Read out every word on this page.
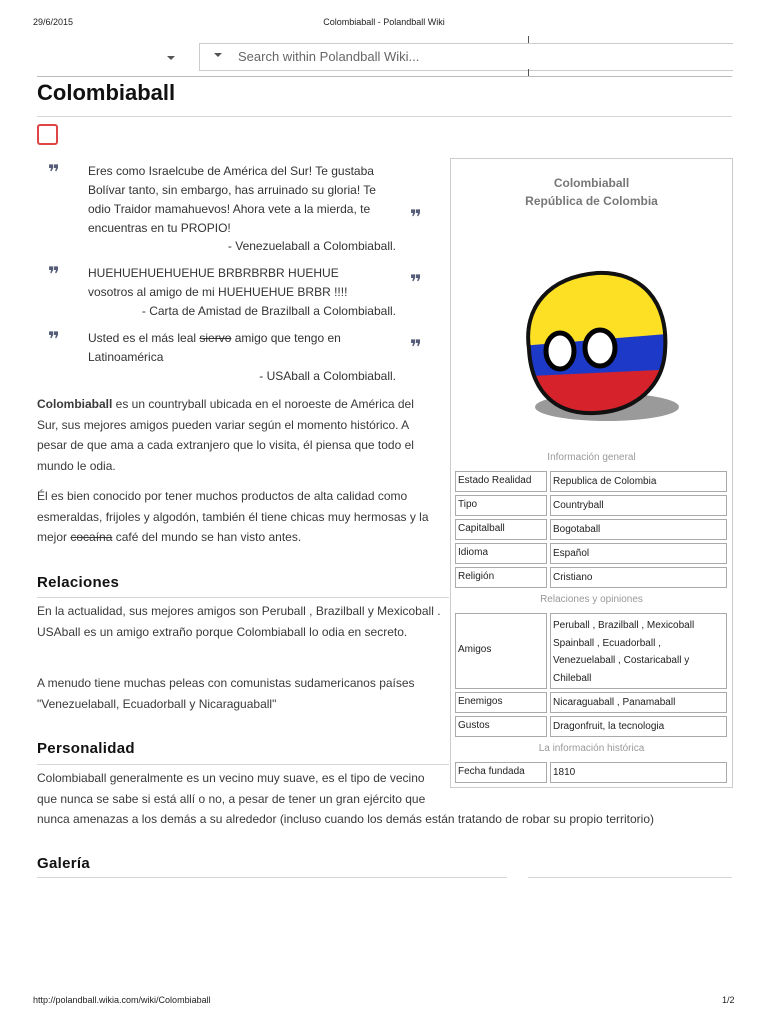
29/6/2015	Colombiaball - Polandball Wiki
Search within Polandball Wiki...
Colombiaball
❜❜	Eres como Israelcube de América del Sur! Te gustaba Bolívar tanto, sin embargo, has arruinado su gloria! Te odio Traidor mamahuevos! Ahora vete a la mierda, te encuentras en tu PROPIO!	❜❜
- Venezuelaball a Colombiaball.
❜❜	HUEHUEHUEHUEHUE BRBRBRBR HUEHUE vosotros al amigo de mi HUEHUEHUE BRBR !!!!	❜❜
- Carta de Amistad de Brazilball a Colombiaball.
❜❜	Usted es el más leal siervo amigo que tengo en Latinoamérica	❜❜
- USAball a Colombiaball.
Colombiaball es un countryball ubicada en el noroeste de América del Sur, sus mejores amigos pueden variar según el momento histórico. A pesar de que ama a cada extranjero que lo visita, él piensa que todo el mundo le odia.
Él es bien conocido por tener muchos productos de alta calidad como esmeraldas, frijoles y algodón, también él tiene chicas muy hermosas y la mejor cocaína café del mundo se han visto antes.
Relaciones
En la actualidad, sus mejores amigos son Peruball , Brazilball y Mexicoball . USAball es un amigo extraño porque Colombiaball lo odia en secreto.
A menudo tiene muchas peleas con comunistas sudamericanos países "Venezuelaball, Ecuadorball y Nicaraguaball"
Personalidad
Colombiaball generalmente es un vecino muy suave, es el tipo de vecino
que nunca se sabe si está allí o no, a pesar de tener un gran ejército que
nunca amenazas a los demás a su alrededor (incluso cuando los demás están tratando de robar su propio territorio)
Galería
Colombiaball
República de Colombia
Información general
Estado Realidad	Republica de Colombia
Tipo	Countryball
Capitalball	Bogotaball
Idioma	Español
Religión	Cristiano
Relaciones y opiniones
Amigos
Peruball , Brazilball , Mexicoball
Spainball , Ecuadorball ,
Venezuelaball , Costaricaball y
Chileball
Enemigos	Nicaraguaball , Panamaball
Gustos	Dragonfruit, la tecnologia
La información histórica
Fecha fundada	1810
http://polandball.wikia.com/wiki/Colombiaball	1/2
